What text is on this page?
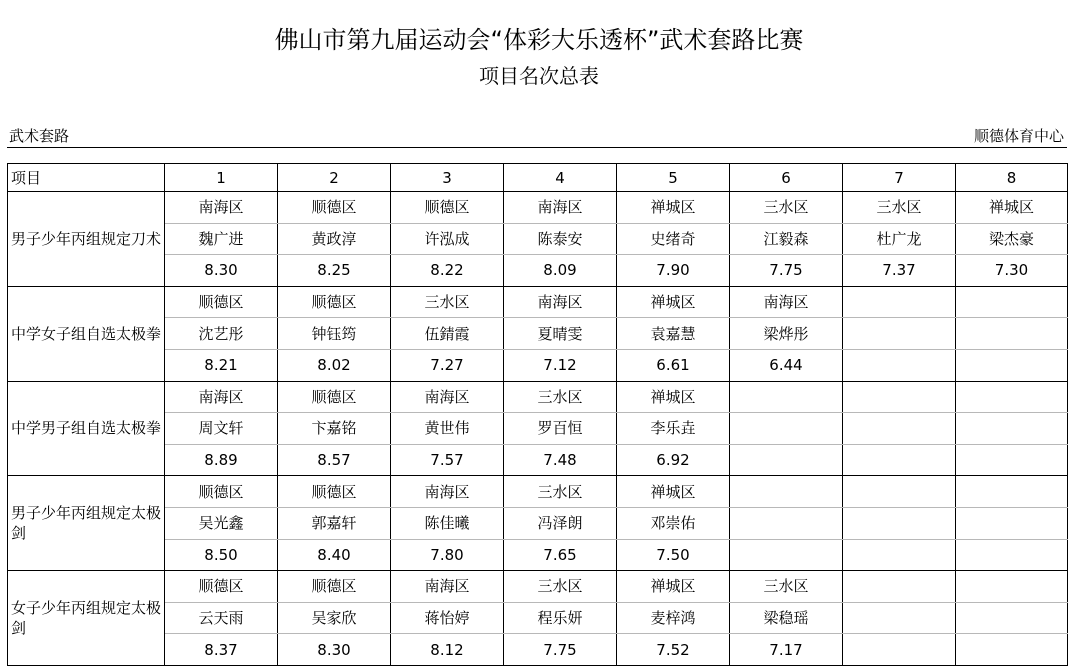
佛山市第九届运动会“体彩大乐透杯”武术套路比赛
项目名次总表
武术套路	顺德体育中心
项目	1	2	3	4	5	6	7	8
男子少年丙组规定刀术	南海区	顺德区	顺德区	南海区	禅城区	三水区	三水区	禅城区
	魏广进	黄政淳	许泓成	陈泰安	史绪奇	江毅森	杜广龙	梁杰豪
	8.30	8.25	8.22	8.09	7.90	7.75	7.37	7.30
中学女子组自选太极拳	顺德区	顺德区	三水区	南海区	禅城区	南海区		
	沈艺彤	钟钰筠	伍錆霞	夏晴雯	袁嘉慧	梁烨彤		
	8.21	8.02	7.27	7.12	6.61	6.44		
中学男子组自选太极拳	南海区	顺德区	南海区	三水区	禅城区			
	周文轩	卞嘉铭	黄世伟	罗百恒	李乐垚			
	8.89	8.57	7.57	7.48	6.92			
男子少年丙组规定太极剑	顺德区	顺德区	南海区	三水区	禅城区			
	吴光鑫	郭嘉轩	陈佳曦	冯泽朗	邓崇佑			
	8.50	8.40	7.80	7.65	7.50			
女子少年丙组规定太极剑	顺德区	顺德区	南海区	三水区	禅城区	三水区		
	云天雨	吴家欣	蒋怡婷	程乐妍	麦梓鸿	梁稳瑶		
	8.37	8.30	8.12	7.75	7.52	7.17		
